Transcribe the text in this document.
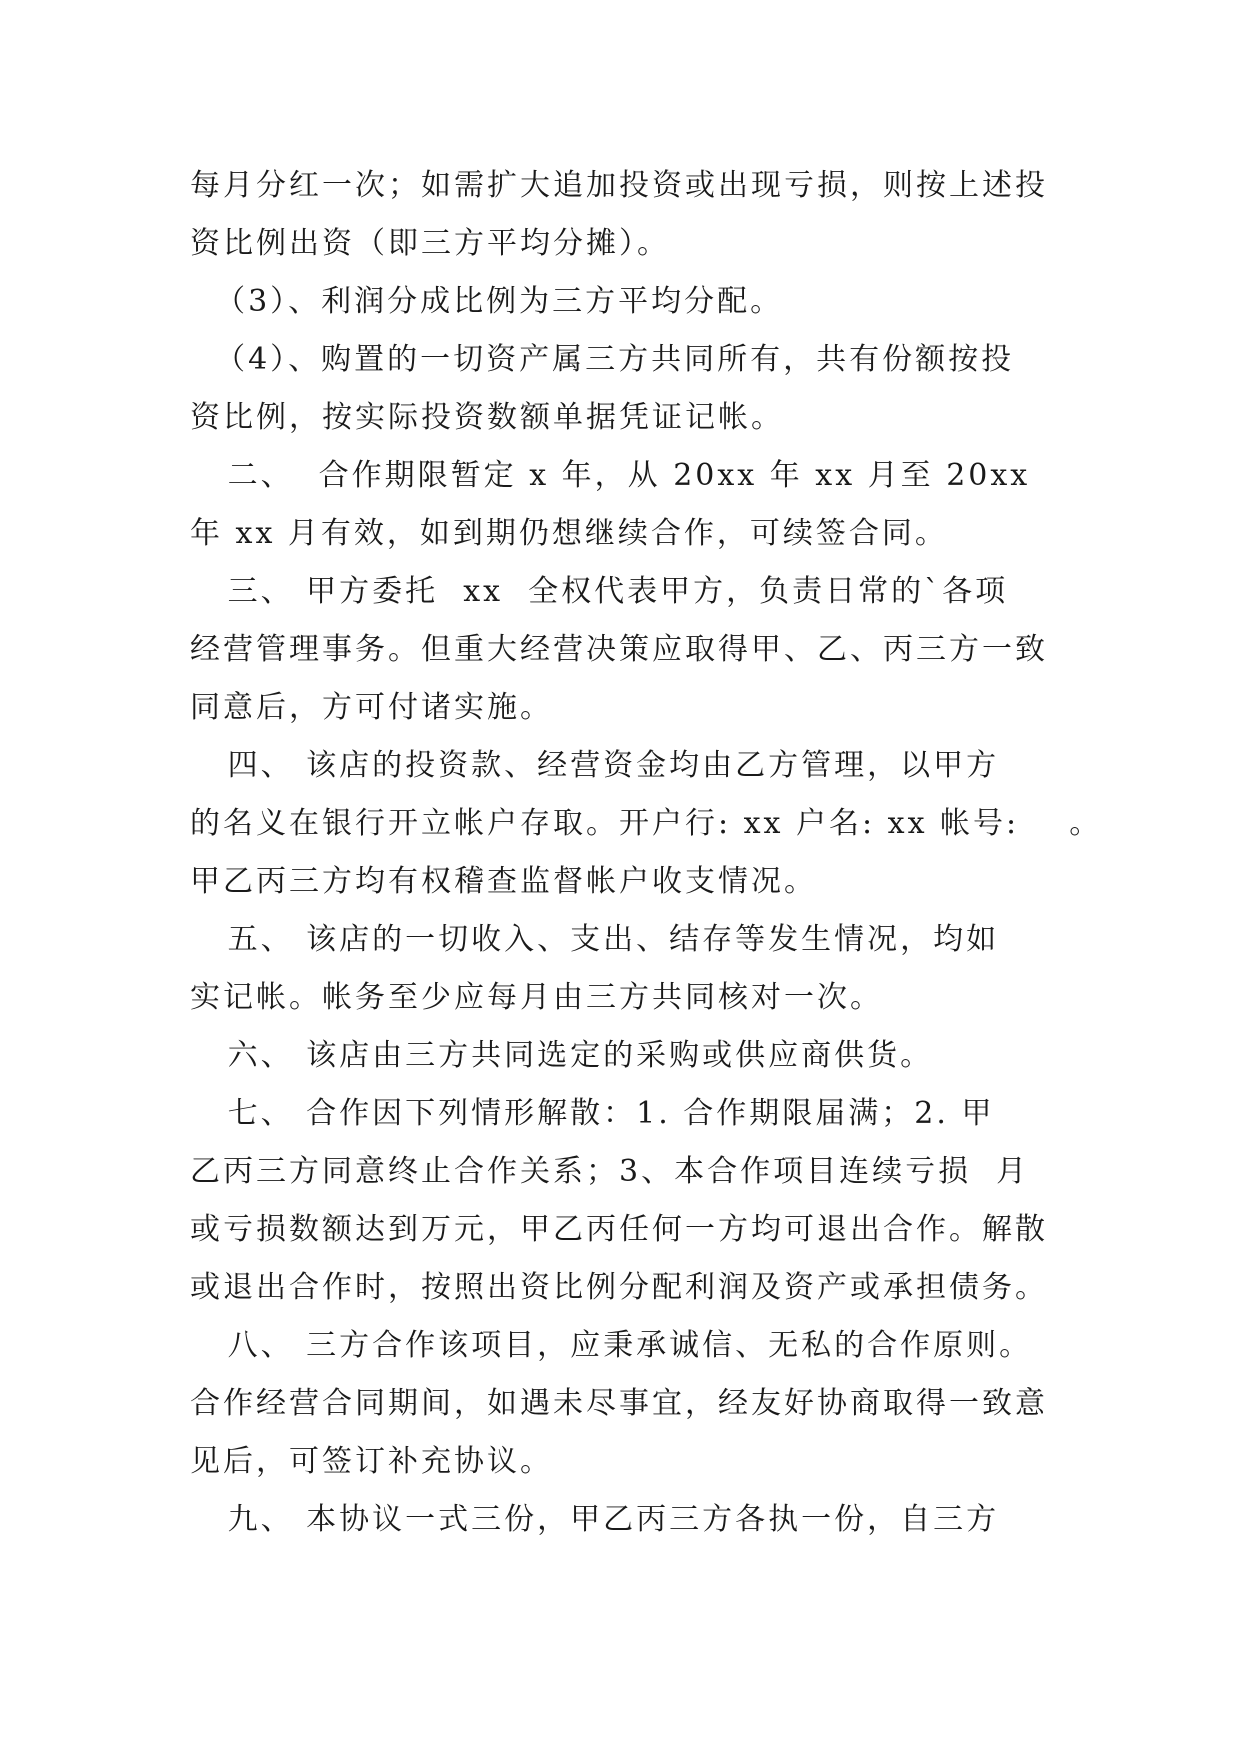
每月分红一次；如需扩大追加投资或出现亏损，则按上述投
资比例出资（即三方平均分摊）。
（3）、利润分成比例为三方平均分配。
（4）、购置的一切资产属三方共同所有，共有份额按投
资比例，按实际投资数额单据凭证记帐。
二、  合作期限暂定 x 年，从 20xx 年 xx 月至 20xx
年 xx 月有效，如到期仍想继续合作，可续签合同。
三、 甲方委托  xx  全权代表甲方，负责日常的`各项
经营管理事务。但重大经营决策应取得甲、乙、丙三方一致
同意后，方可付诸实施。
四、 该店的投资款、经营资金均由乙方管理，以甲方
的名义在银行开立帐户存取。开户行: xx 户名: xx 帐号:    。
甲乙丙三方均有权稽查监督帐户收支情况。
五、 该店的一切收入、支出、结存等发生情况，均如
实记帐。帐务至少应每月由三方共同核对一次。
六、 该店由三方共同选定的采购或供应商供货。
七、 合作因下列情形解散：1. 合作期限届满；2. 甲
乙丙三方同意终止合作关系；3、本合作项目连续亏损  月
或亏损数额达到万元，甲乙丙任何一方均可退出合作。解散
或退出合作时，按照出资比例分配利润及资产或承担债务。
八、 三方合作该项目，应秉承诚信、无私的合作原则。
合作经营合同期间，如遇未尽事宜，经友好协商取得一致意
见后，可签订补充协议。
九、 本协议一式三份，甲乙丙三方各执一份，自三方
